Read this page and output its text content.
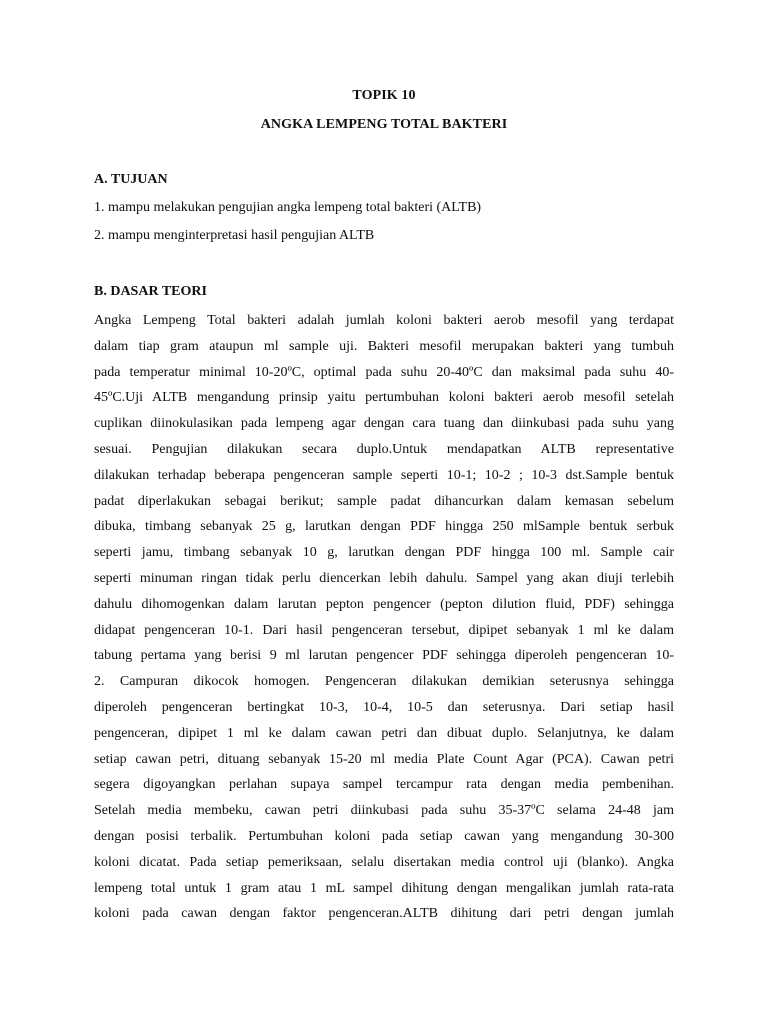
TOPIK 10
ANGKA LEMPENG TOTAL BAKTERI
A. TUJUAN
1. mampu melakukan pengujian angka lempeng total bakteri (ALTB)
2. mampu menginterpretasi hasil pengujian ALTB
B. DASAR TEORI
Angka Lempeng Total bakteri adalah jumlah koloni bakteri aerob mesofil yang terdapat
dalam tiap gram ataupun ml sample uji. Bakteri mesofil merupakan bakteri yang tumbuh
pada temperatur minimal 10-20ºC, optimal pada suhu 20-40ºC dan maksimal pada suhu 40-
45ºC.Uji ALTB mengandung prinsip yaitu pertumbuhan koloni bakteri aerob mesofil setelah
cuplikan diinokulasikan pada lempeng agar dengan cara tuang dan diinkubasi pada suhu yang
sesuai. Pengujian dilakukan secara duplo.Untuk mendapatkan ALTB representative
dilakukan terhadap beberapa pengenceran sample seperti 10-1; 10-2 ; 10-3 dst.Sample bentuk
padat diperlakukan sebagai berikut; sample padat dihancurkan dalam kemasan sebelum
dibuka, timbang sebanyak 25 g, larutkan dengan PDF hingga 250 mlSample bentuk serbuk
seperti jamu, timbang sebanyak 10 g, larutkan dengan PDF hingga 100 ml. Sample cair
seperti minuman ringan tidak perlu diencerkan lebih dahulu. Sampel yang akan diuji terlebih
dahulu dihomogenkan dalam larutan pepton pengencer (pepton dilution fluid, PDF) sehingga
didapat pengenceran 10-1. Dari hasil pengenceran tersebut, dipipet sebanyak 1 ml ke dalam
tabung pertama yang berisi 9 ml larutan pengencer PDF sehingga diperoleh pengenceran 10-
2. Campuran dikocok homogen. Pengenceran dilakukan demikian seterusnya sehingga
diperoleh pengenceran bertingkat 10-3, 10-4, 10-5 dan seterusnya. Dari setiap hasil
pengenceran, dipipet 1 ml ke dalam cawan petri dan dibuat duplo. Selanjutnya, ke dalam
setiap cawan petri, dituang sebanyak 15-20 ml media Plate Count Agar (PCA). Cawan petri
segera digoyangkan perlahan supaya sampel tercampur rata dengan media pembenihan.
Setelah media membeku, cawan petri diinkubasi pada suhu 35-37ºC selama 24-48 jam
dengan posisi terbalik. Pertumbuhan koloni pada setiap cawan yang mengandung 30-300
koloni dicatat. Pada setiap pemeriksaan, selalu disertakan media control uji (blanko). Angka
lempeng total untuk 1 gram atau 1 mL sampel dihitung dengan mengalikan jumlah rata-rata
koloni pada cawan dengan faktor pengenceran.ALTB dihitung dari petri dengan jumlah
